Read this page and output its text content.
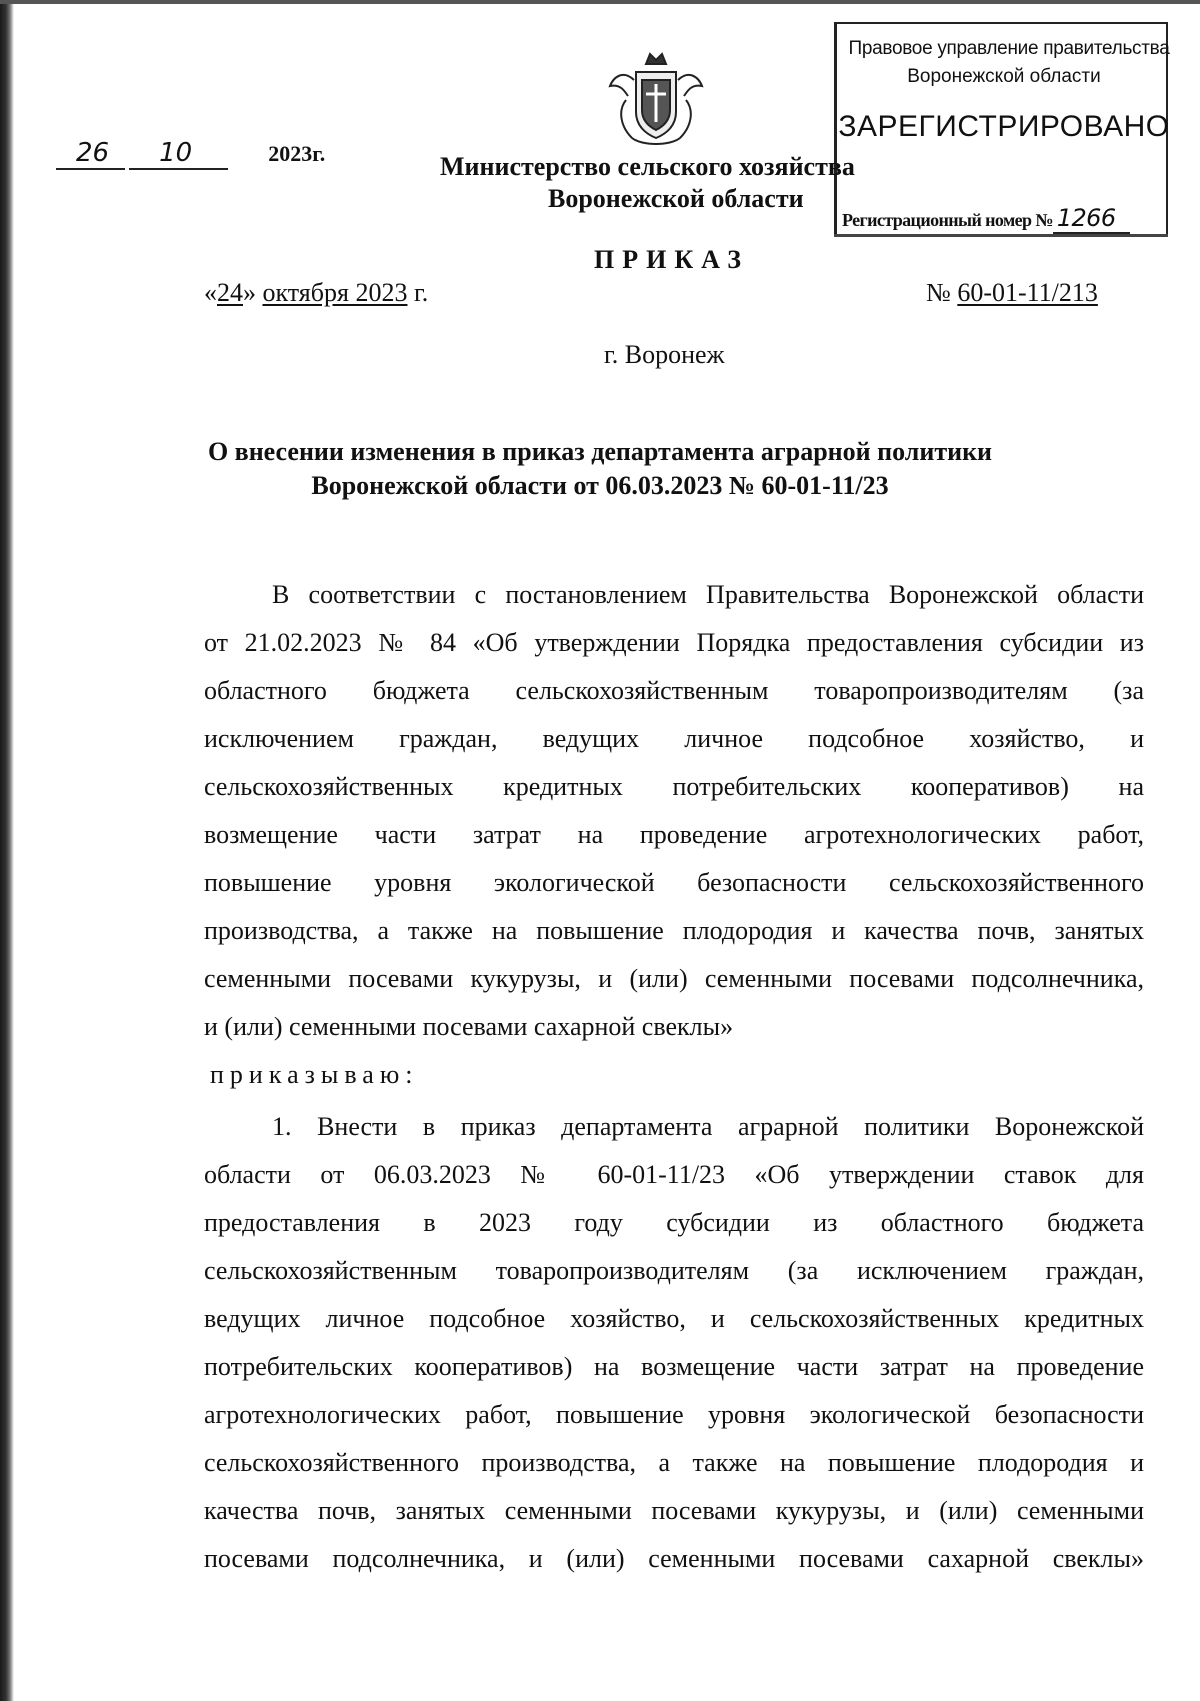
Правовое управление правительства
Воронежской области
ЗАРЕГИСТРИРОВАНО
26 10	2023г.
Регистрационный номер № 1266
Министерство сельского хозяйства
Воронежской области
ПРИКАЗ
«24» октября 2023 г.	№ 60-01-11/213
г. Воронеж
О внесении изменения в приказ департамента аграрной политики
Воронежской области от 06.03.2023 № 60-01-11/23
В соответствии с постановлением Правительства Воронежской области
от 21.02.2023 № 84 «Об утверждении Порядка предоставления субсидии из
областного бюджета сельскохозяйственным товаропроизводителям (за
исключением граждан, ведущих личное подсобное хозяйство, и
сельскохозяйственных кредитных потребительских кооперативов) на
возмещение части затрат на проведение агротехнологических работ,
повышение уровня экологической безопасности сельскохозяйственного
производства, а также на повышение плодородия и качества почв, занятых
семенными посевами кукурузы, и (или) семенными посевами подсолнечника,
и (или) семенными посевами сахарной свеклы»
приказываю:
1. Внести в приказ департамента аграрной политики Воронежской
области от 06.03.2023 № 60-01-11/23 «Об утверждении ставок для
предоставления в 2023 году субсидии из областного бюджета
сельскохозяйственным товаропроизводителям (за исключением граждан,
ведущих личное подсобное хозяйство, и сельскохозяйственных кредитных
потребительских кооперативов) на возмещение части затрат на проведение
агротехнологических работ, повышение уровня экологической безопасности
сельскохозяйственного производства, а также на повышение плодородия и
качества почв, занятых семенными посевами кукурузы, и (или) семенными
посевами подсолнечника, и (или) семенными посевами сахарной свеклы»
